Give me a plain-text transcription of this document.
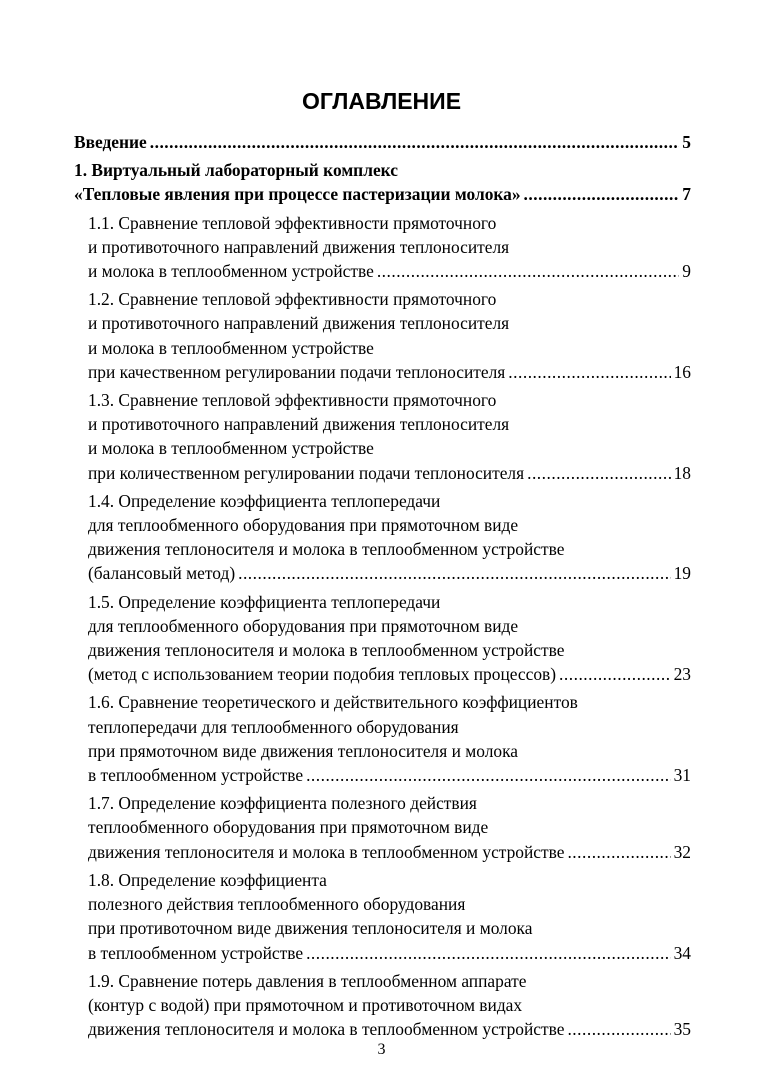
ОГЛАВЛЕНИЕ
Введение .....	5
1. Виртуальный лабораторный комплекс
«Тепловые явления при процессе пастеризации молока» .....	7
1.1. Сравнение тепловой эффективности прямоточного
и противоточного направлений движения теплоносителя
и молока в теплообменном устройстве .....	9
1.2. Сравнение тепловой эффективности прямоточного
и противоточного направлений движения теплоносителя
и молока в теплообменном устройстве
при качественном регулировании подачи теплоносителя .....	16
1.3. Сравнение тепловой эффективности прямоточного
и противоточного направлений движения теплоносителя
и молока в теплообменном устройстве
при количественном регулировании подачи теплоносителя .....	18
1.4. Определение коэффициента теплопередачи
для теплообменного оборудования при прямоточном виде
движения теплоносителя и молока в теплообменном устройстве
(балансовый метод) .....	19
1.5. Определение коэффициента теплопередачи
для теплообменного оборудования при прямоточном виде
движения теплоносителя и молока в теплообменном устройстве
(метод с использованием теории подобия тепловых процессов) .....	23
1.6. Сравнение теоретического и действительного коэффициентов
теплопередачи для теплообменного оборудования
при прямоточном виде движения теплоносителя и молока
в теплообменном устройстве .....	31
1.7. Определение коэффициента полезного действия
теплообменного оборудования при прямоточном виде
движения теплоносителя и молока в теплообменном устройстве .....	32
1.8. Определение коэффициента
полезного действия теплообменного оборудования
при противоточном виде движения теплоносителя и молока
в теплообменном устройстве .....	34
1.9. Сравнение потерь давления в теплообменном аппарате
(контур с водой) при прямоточном и противоточном видах
движения теплоносителя и молока в теплообменном устройстве .....	35
3
